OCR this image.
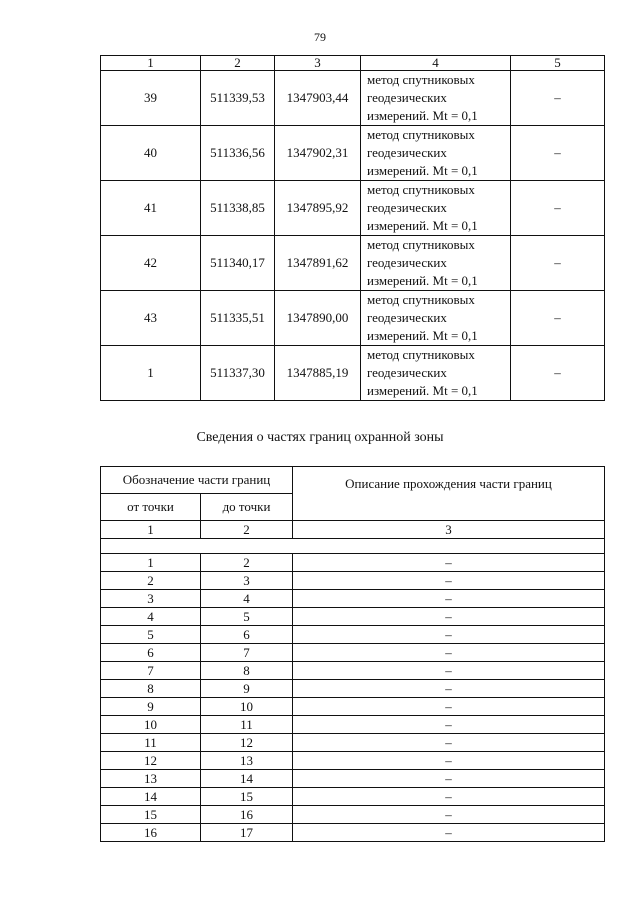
79
1	2	3	4	5
39	511339,53	1347903,44	метод спутниковых
геодезических
измерений. Mt = 0,1	–
40	511336,56	1347902,31	метод спутниковых
геодезических
измерений. Mt = 0,1	–
41	511338,85	1347895,92	метод спутниковых
геодезических
измерений. Mt = 0,1	–
42	511340,17	1347891,62	метод спутниковых
геодезических
измерений. Mt = 0,1	–
43	511335,51	1347890,00	метод спутниковых
геодезических
измерений. Mt = 0,1	–
1	511337,30	1347885,19	метод спутниковых
геодезических
измерений. Mt = 0,1	–
Сведения о частях границ охранной зоны
Обозначение части границ		Описание прохождения части границ
от точки	до точки	
1	2	3

1	2	–
2	3	–
3	4	–
4	5	–
5	6	–
6	7	–
7	8	–
8	9	–
9	10	–
10	11	–
11	12	–
12	13	–
13	14	–
14	15	–
15	16	–
16	17	–
